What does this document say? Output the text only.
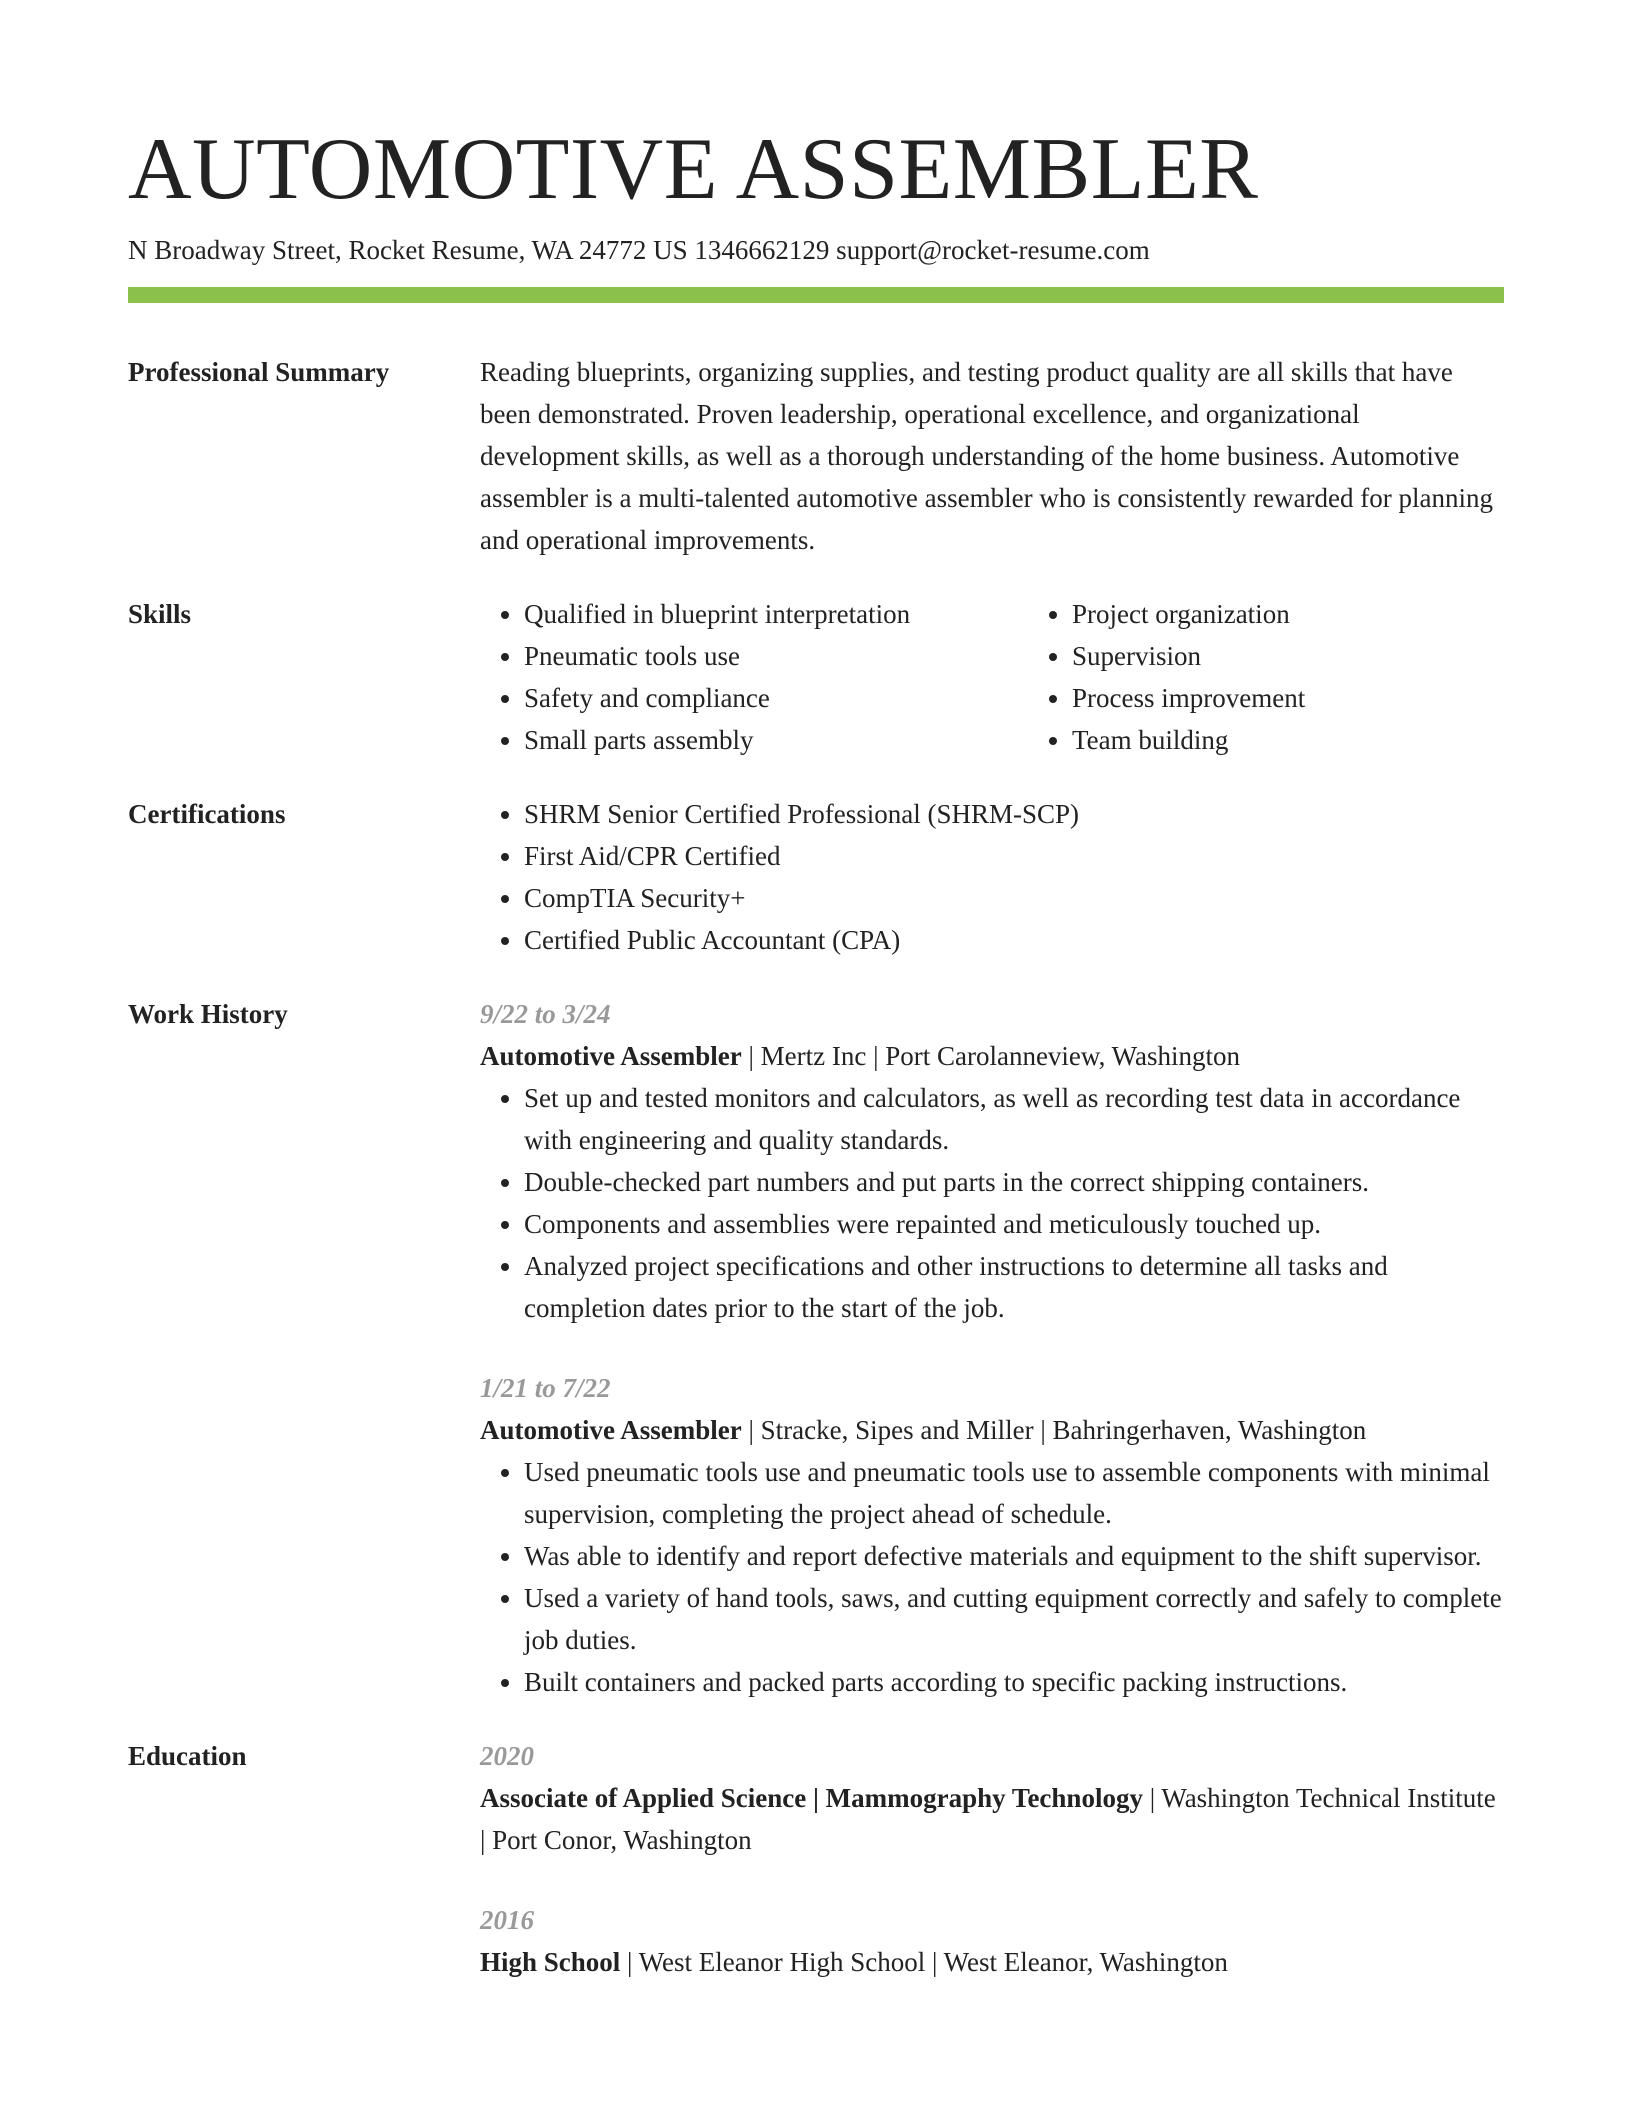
AUTOMOTIVE ASSEMBLER
N Broadway Street, Rocket Resume, WA 24772 US 1346662129 support@rocket-resume.com
Professional Summary	Reading blueprints, organizing supplies, and testing product quality are all skills that have been demonstrated. Proven leadership, operational excellence, and organizational development skills, as well as a thorough understanding of the home business. Automotive assembler is a multi-talented automotive assembler who is consistently rewarded for planning and operational improvements.
Skills	• Qualified in blueprint interpretation
• Pneumatic tools use
• Safety and compliance
• Small parts assembly
• Project organization
• Supervision
• Process improvement
• Team building
Certifications	• SHRM Senior Certified Professional (SHRM-SCP)
• First Aid/CPR Certified
• CompTIA Security+
• Certified Public Accountant (CPA)
Work History	9/22 to 3/24
Automotive Assembler | Mertz Inc | Port Carolanneview, Washington
• Set up and tested monitors and calculators, as well as recording test data in accordance with engineering and quality standards.
• Double-checked part numbers and put parts in the correct shipping containers.
• Components and assemblies were repainted and meticulously touched up.
• Analyzed project specifications and other instructions to determine all tasks and completion dates prior to the start of the job.
1/21 to 7/22
Automotive Assembler | Stracke, Sipes and Miller | Bahringerhaven, Washington
• Used pneumatic tools use and pneumatic tools use to assemble components with minimal supervision, completing the project ahead of schedule.
• Was able to identify and report defective materials and equipment to the shift supervisor.
• Used a variety of hand tools, saws, and cutting equipment correctly and safely to complete job duties.
• Built containers and packed parts according to specific packing instructions.
Education	2020
Associate of Applied Science | Mammography Technology | Washington Technical Institute | Port Conor, Washington
2016
High School | West Eleanor High School | West Eleanor, Washington
